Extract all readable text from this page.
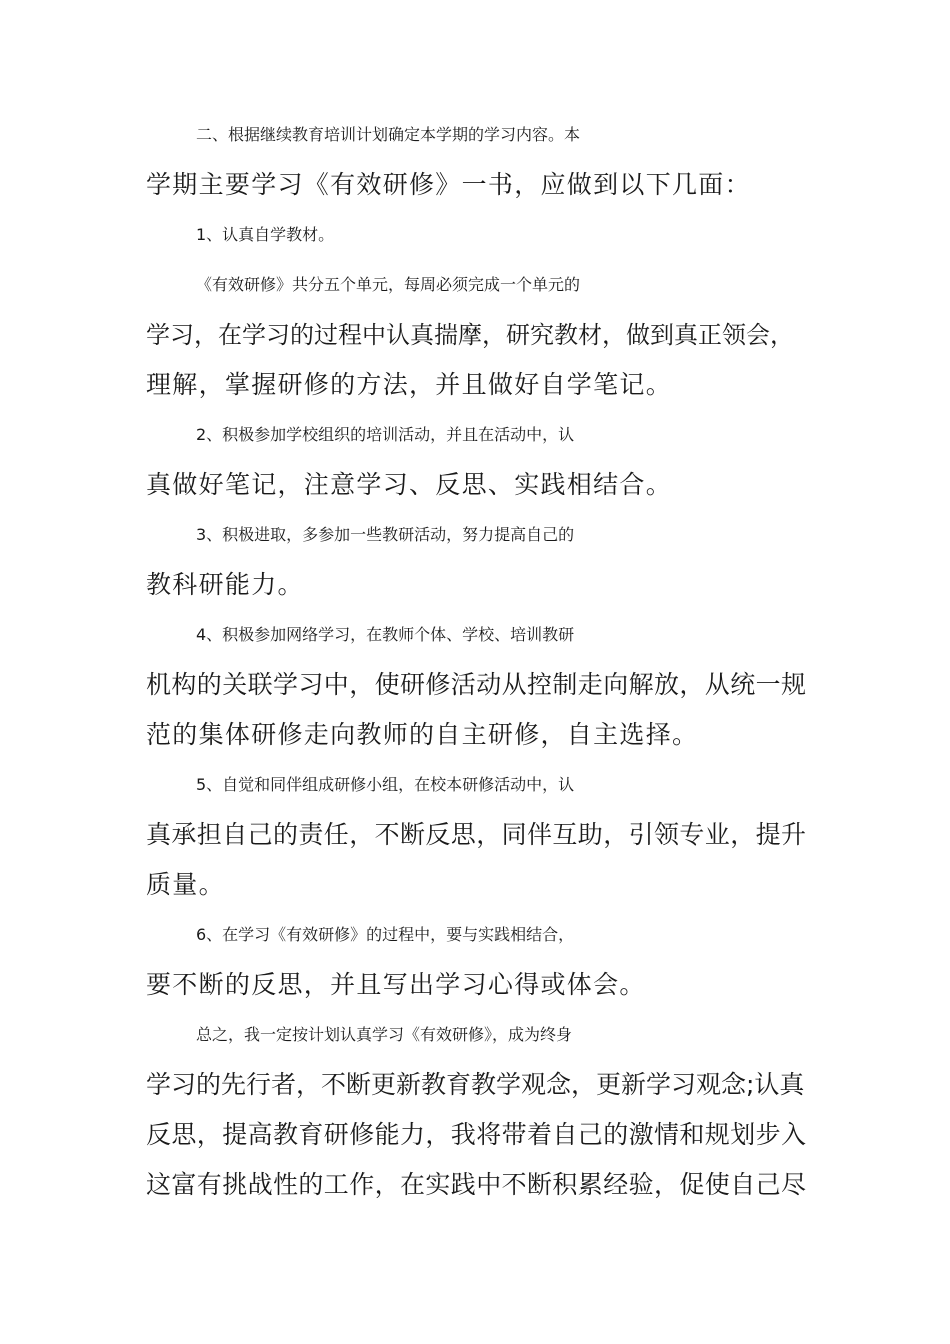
二、根据继续教育培训计划确定本学期的学习内容。本
学期主要学习《有效研修》一书，应做到以下几面：
1、认真自学教材。
《有效研修》共分五个单元，每周必须完成一个单元的
学习，在学习的过程中认真揣摩，研究教材，做到真正领会，
理解，掌握研修的方法，并且做好自学笔记。
2、积极参加学校组织的培训活动，并且在活动中，认
真做好笔记，注意学习、反思、实践相结合。
3、积极进取，多参加一些教研活动，努力提高自己的
教科研能力。
4、积极参加网络学习，在教师个体、学校、培训教研
机构的关联学习中，使研修活动从控制走向解放，从统一规
范的集体研修走向教师的自主研修，自主选择。
5、自觉和同伴组成研修小组，在校本研修活动中，认
真承担自己的责任，不断反思，同伴互助，引领专业，提升
质量。
6、在学习《有效研修》的过程中，要与实践相结合，
要不断的反思，并且写出学习心得或体会。
总之，我一定按计划认真学习《有效研修》，成为终身
学习的先行者，不断更新教育教学观念，更新学习观念;认真
反思，提高教育研修能力，我将带着自己的激情和规划步入
这富有挑战性的工作，在实践中不断积累经验，促使自己尽
